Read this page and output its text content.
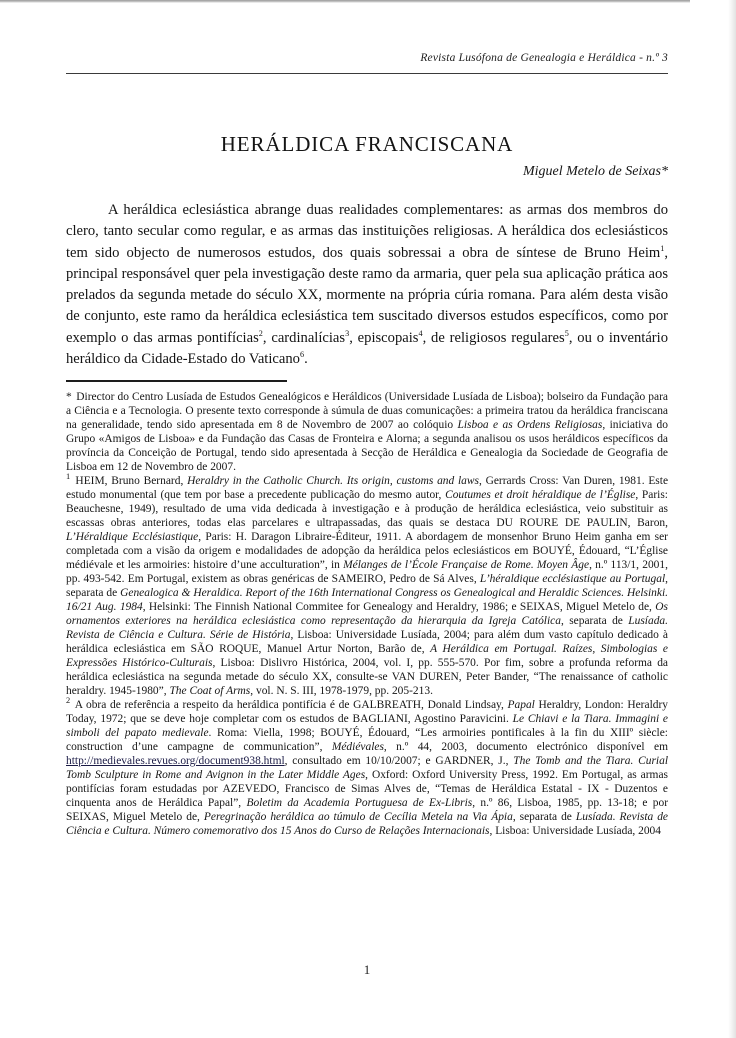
Revista Lusófona de Genealogia e Heráldica - n.º 3
HERÁLDICA FRANCISCANA
Miguel Metelo de Seixas*
A heráldica eclesiástica abrange duas realidades complementares: as armas dos membros do clero, tanto secular como regular, e as armas das instituições religiosas. A heráldica dos eclesiásticos tem sido objecto de numerosos estudos, dos quais sobressai a obra de síntese de Bruno Heim$^1$, principal responsável quer pela investigação deste ramo da armaria, quer pela sua aplicação prática aos prelados da segunda metade do século XX, mormente na própria cúria romana. Para além desta visão de conjunto, este ramo da heráldica eclesiástica tem suscitado diversos estudos específicos, como por exemplo o das armas pontifícias$^2$, cardinalícias$^3$, episcopais$^4$, de religiosos regulares$^5$, ou o inventário heráldico da Cidade-Estado do Vaticano$^6$.
* Director do Centro Lusíada de Estudos Genealógicos e Heráldicos (Universidade Lusíada de Lisboa); bolseiro da Fundação para a Ciência e a Tecnologia. O presente texto corresponde à súmula de duas comunicações: a primeira tratou da heráldica franciscana na generalidade, tendo sido apresentada em 8 de Novembro de 2007 ao colóquio Lisboa e as Ordens Religiosas, iniciativa do Grupo «Amigos de Lisboa» e da Fundação das Casas de Fronteira e Alorna; a segunda analisou os usos heráldicos específicos da província da Conceição de Portugal, tendo sido apresentada à Secção de Heráldica e Genealogia da Sociedade de Geografia de Lisboa em 12 de Novembro de 2007.
$^1$ HEIM, Bruno Bernard, Heraldry in the Catholic Church. Its origin, customs and laws, Gerrards Cross: Van Duren, 1981. Este estudo monumental (que tem por base a precedente publicação do mesmo autor, Coutumes et droit héraldique de l’Église, Paris: Beauchesne, 1949), resultado de uma vida dedicada à investigação e à produção de heráldica eclesiástica, veio substituir as escassas obras anteriores, todas elas parcelares e ultrapassadas, das quais se destaca DU ROURE DE PAULIN, Baron, L’Héraldique Ecclésiastique, Paris: H. Daragon Libraire-Éditeur, 1911. A abordagem de monsenhor Bruno Heim ganha em ser completada com a visão da origem e modalidades de adopção da heráldica pelos eclesiásticos em BOUYÉ, Édouard, “L’Église médiévale et les armoiries: histoire d’une acculturation”, in Mélanges de l’École Française de Rome. Moyen Âge, n.º 113/1, 2001, pp. 493-542. Em Portugal, existem as obras genéricas de SAMEIRO, Pedro de Sá Alves, L’héraldique ecclésiastique au Portugal, separata de Genealogica & Heraldica. Report of the 16th International Congress os Genealogical and Heraldic Sciences. Helsinki. 16/21 Aug. 1984, Helsinki: The Finnish National Commitee for Genealogy and Heraldry, 1986; e SEIXAS, Miguel Metelo de, Os ornamentos exteriores na heráldica eclesiástica como representação da hierarquia da Igreja Católica, separata de Lusíada. Revista de Ciência e Cultura. Série de História, Lisboa: Universidade Lusíada, 2004; para além dum vasto capítulo dedicado à heráldica eclesiástica em SÃO ROQUE, Manuel Artur Norton, Barão de, A Heráldica em Portugal. Raízes, Simbologias e Expressões Histórico-Culturais, Lisboa: Dislivro Histórica, 2004, vol. I, pp. 555-570. Por fim, sobre a profunda reforma da heráldica eclesiástica na segunda metade do século XX, consulte-se VAN DUREN, Peter Bander, “The renaissance of catholic heraldry. 1945-1980”, The Coat of Arms, vol. N. S. III, 1978-1979, pp. 205-213.
$^2$ A obra de referência a respeito da heráldica pontifícia é de GALBREATH, Donald Lindsay, Papal Heraldry, London: Heraldry Today, 1972; que se deve hoje completar com os estudos de BAGLIANI, Agostino Paravicini. Le Chiavi e la Tiara. Immagini e simboli del papato medievale. Roma: Viella, 1998; BOUYÉ, Édouard, “Les armoiries pontificales à la fin du XIIIº siècle: construction d’une campagne de communication”, Médiévales, n.º 44, 2003, documento electrónico disponível em http://medievales.revues.org/document938.html, consultado em 10/10/2007; e GARDNER, J., The Tomb and the Tiara. Curial Tomb Sculpture in Rome and Avignon in the Later Middle Ages, Oxford: Oxford University Press, 1992. Em Portugal, as armas pontifícias foram estudadas por AZEVEDO, Francisco de Simas Alves de, “Temas de Heráldica Estatal - IX - Duzentos e cinquenta anos de Heráldica Papal”, Boletim da Academia Portuguesa de Ex-Libris, n.º 86, Lisboa, 1985, pp. 13-18; e por SEIXAS, Miguel Metelo de, Peregrinação heráldica ao túmulo de Cecília Metela na Via Ápia, separata de Lusíada. Revista de Ciência e Cultura. Número comemorativo dos 15 Anos do Curso de Relações Internacionais, Lisboa: Universidade Lusíada, 2004
1
